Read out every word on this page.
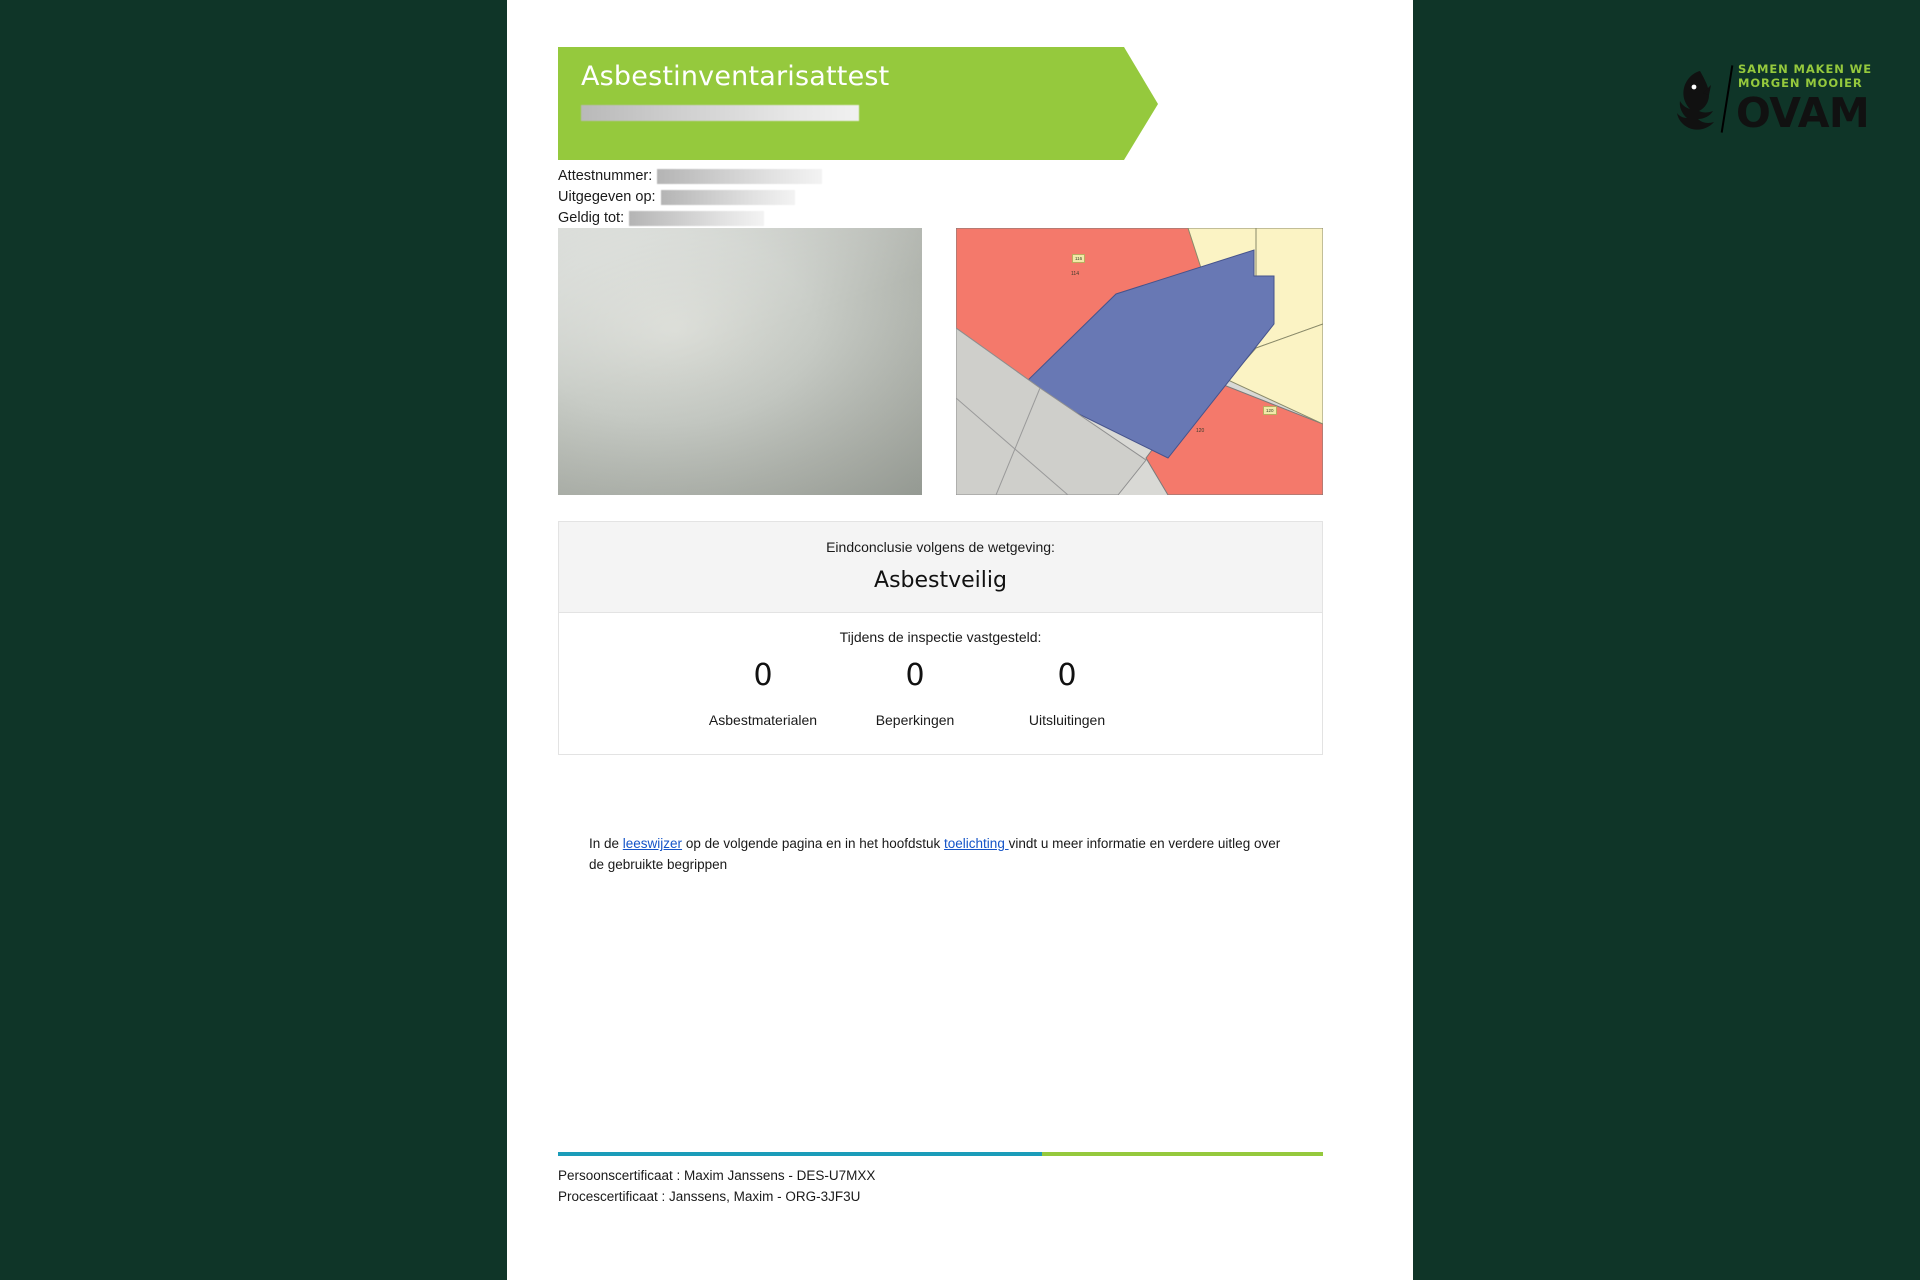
Asbestinventarisattest	SAMEN MAKEN WE
MORGEN MOOIER
OVAM
Attestnummer:
Uitgegeven op:
Geldig tot:
116
114
120
120
Eindconclusie volgens de wetgeving:
Asbestveilig
Tijdens de inspectie vastgesteld:
0
Asbestmaterialen
0
Beperkingen
0
Uitsluitingen
In de leeswijzer op de volgende pagina en in het hoofdstuk toelichting vindt u meer informatie en verdere uitleg over de gebruikte begrippen
Persoonscertificaat : Maxim Janssens - DES-U7MXX
Procescertificaat : Janssens, Maxim - ORG-3JF3U
